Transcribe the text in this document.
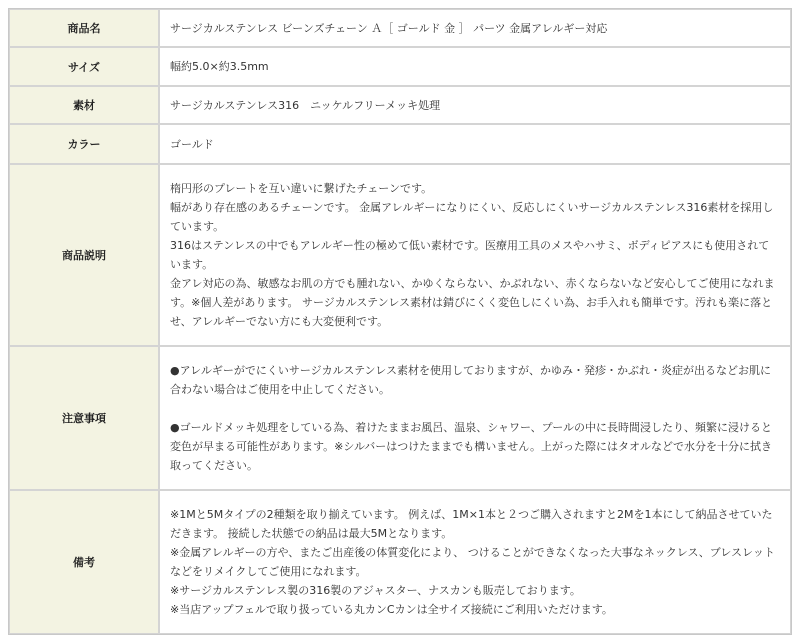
商品名	サージカルステンレス ビーンズチェーン Ａ［ ゴールド 金 ］ パーツ 金属アレルギー対応
サイズ	幅約5.0×約3.5mm
素材	サージカルステンレス316　ニッケルフリーメッキ処理
カラー	ゴールド
商品説明	楕円形のプレートを互い違いに繋げたチェーンです。

幅があり存在感のあるチェーンです。 金属アレルギーになりにくい、反応しにくいサージカルステンレス316素材を採用しています。

316はステンレスの中でもアレルギー性の極めて低い素材です。医療用工具のメスやハサミ、ボディピアスにも使用されています。

金アレ対応の為、敏感なお肌の方でも腫れない、かゆくならない、かぶれない、赤くならないなど安心してご使用になれます。※個人差があります。 サージカルステンレス素材は錆びにくく変色しにくい為、お手入れも簡単です。汚れも楽に落とせ、アレルギーでない方にも大変便利です。

注意事項	●アレルギーがでにくいサージカルステンレス素材を使用しておりますが、かゆみ・発疹・かぶれ・炎症が出るなどお肌に合わない場合はご使用を中止してください。

●ゴールドメッキ処理をしている為、着けたままお風呂、温泉、シャワー、プールの中に長時間浸したり、頻繁に浸けると変色が早まる可能性があります。※シルバーはつけたままでも構いません。上がった際にはタオルなどで水分を十分に拭き取ってください。

備考	※1Mと5Mタイプの2種類を取り揃えています。 例えば、1M×1本と２つご購入されますと2Mを1本にして納品させていただきます。 接続した状態での納品は最大5Mとなります。

※金属アレルギーの方や、またご出産後の体質変化により、 つけることができなくなった大事なネックレス、ブレスレットなどをリメイクしてご使用になれます。

※サージカルステンレス製の316製のアジャスター、ナスカンも販売しております。

※当店アップフェルで取り扱っている丸カンCカンは全サイズ接続にご利用いただけます。
